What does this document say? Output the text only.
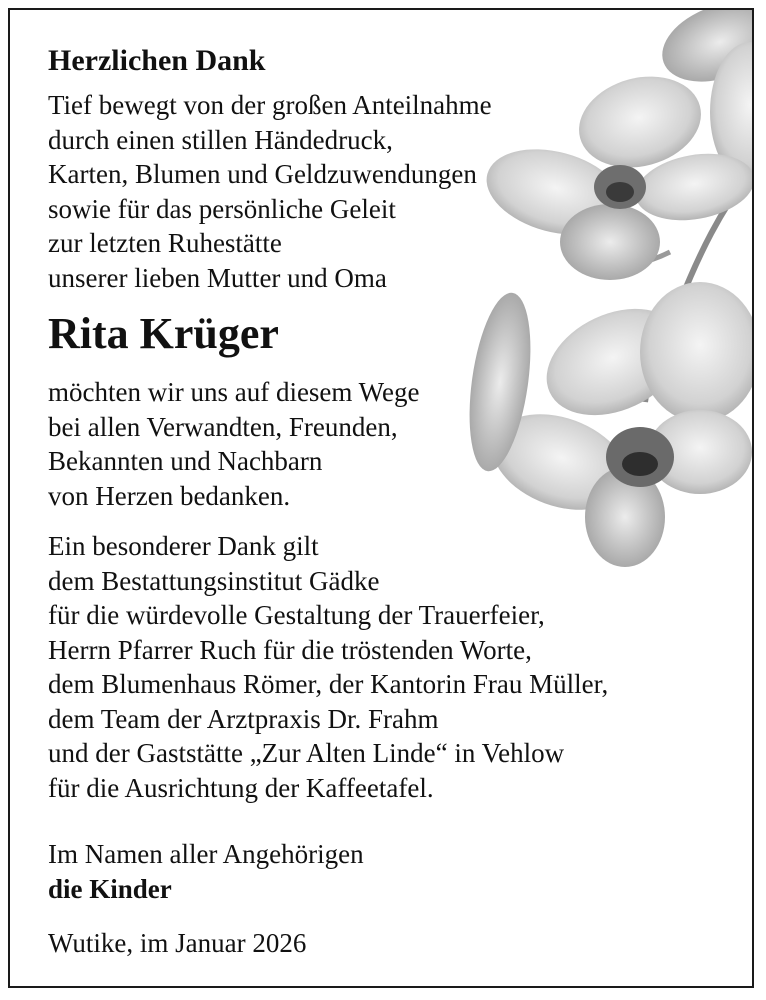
Herzlichen Dank
Tief bewegt von der großen Anteilnahme
durch einen stillen Händedruck,
Karten, Blumen und Geldzuwendungen
sowie für das persönliche Geleit
zur letzten Ruhestätte
unserer lieben Mutter und Oma
Rita Krüger
möchten wir uns auf diesem Wege
bei allen Verwandten, Freunden,
Bekannten und Nachbarn
von Herzen bedanken.
Ein besonderer Dank gilt
dem Bestattungsinstitut Gädke
für die würdevolle Gestaltung der Trauerfeier,
Herrn Pfarrer Ruch für die tröstenden Worte,
dem Blumenhaus Römer, der Kantorin Frau Müller,
dem Team der Arztpraxis Dr. Frahm
und der Gaststätte „Zur Alten Linde“ in Vehlow
für die Ausrichtung der Kaffeetafel.
Im Namen aller Angehörigen
die Kinder
Wutike, im Januar 2026
